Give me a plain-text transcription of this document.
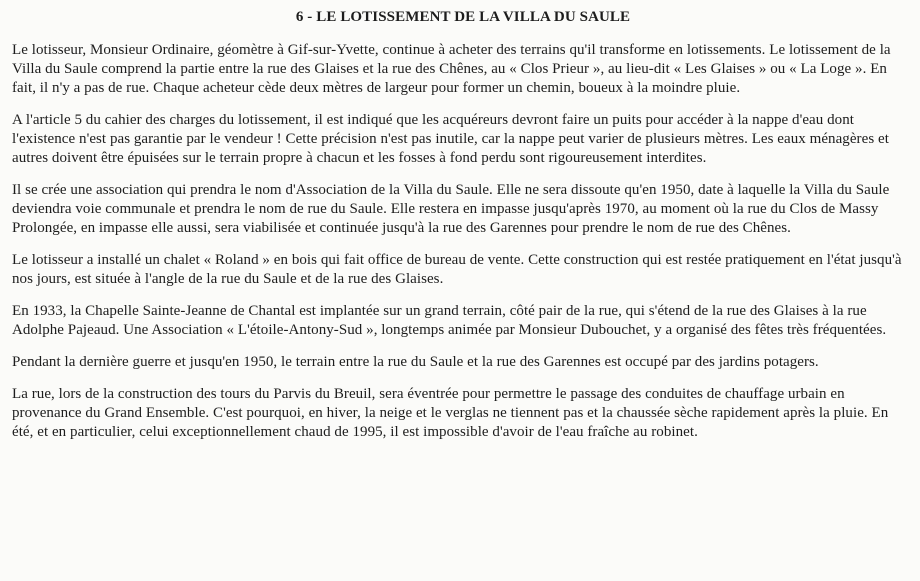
6 - LE LOTISSEMENT DE LA VILLA DU SAULE

Le lotisseur, Monsieur Ordinaire, géomètre à Gif-sur-Yvette, continue à acheter des terrains qu'il transforme en lotissements. Le lotissement de la Villa du Saule comprend la partie entre la rue des Glaises et la rue des Chênes, au « Clos Prieur », au lieu-dit « Les Glaises » ou « La Loge ». En fait, il n'y a pas de rue. Chaque acheteur cède deux mètres de largeur pour former un chemin, boueux à la moindre pluie.

A l'article 5 du cahier des charges du lotissement, il est indiqué que les acquéreurs devront faire un puits pour accéder à la nappe d'eau dont l'existence n'est pas garantie par le vendeur ! Cette précision n'est pas inutile, car la nappe peut varier de plusieurs mètres. Les eaux ménagères et autres doivent être épuisées sur le terrain propre à chacun et les fosses à fond perdu sont rigoureusement interdites.

Il se crée une association qui prendra le nom d'Association de la Villa du Saule. Elle ne sera dissoute qu'en 1950, date à laquelle la Villa du Saule deviendra voie communale et prendra le nom de rue du Saule. Elle restera en impasse jusqu'après 1970, au moment où la rue du Clos de Massy Prolongée, en impasse elle aussi, sera viabilisée et continuée jusqu'à la rue des Garennes pour prendre le nom de rue des Chênes.

Le lotisseur a installé un chalet « Roland » en bois qui fait office de bureau de vente. Cette construction qui est restée pratiquement en l'état jusqu'à nos jours, est située à l'angle de la rue du Saule et de la rue des Glaises.

En 1933, la Chapelle Sainte-Jeanne de Chantal est implantée sur un grand terrain, côté pair de la rue, qui s'étend de la rue des Glaises à la rue Adolphe Pajeaud. Une Association « L'étoile-Antony-Sud », longtemps animée par Monsieur Dubouchet, y a organisé des fêtes très fréquentées.

Pendant la dernière guerre et jusqu'en 1950, le terrain entre la rue du Saule et la rue des Garennes est occupé par des jardins potagers.

La rue, lors de la construction des tours du Parvis du Breuil, sera éventrée pour permettre le passage des conduites de chauffage urbain en provenance du Grand Ensemble. C'est pourquoi, en hiver, la neige et le verglas ne tiennent pas et la chaussée sèche rapidement après la pluie. En été, et en particulier, celui exceptionnellement chaud de 1995, il est impossible d'avoir de l'eau fraîche au robinet.
